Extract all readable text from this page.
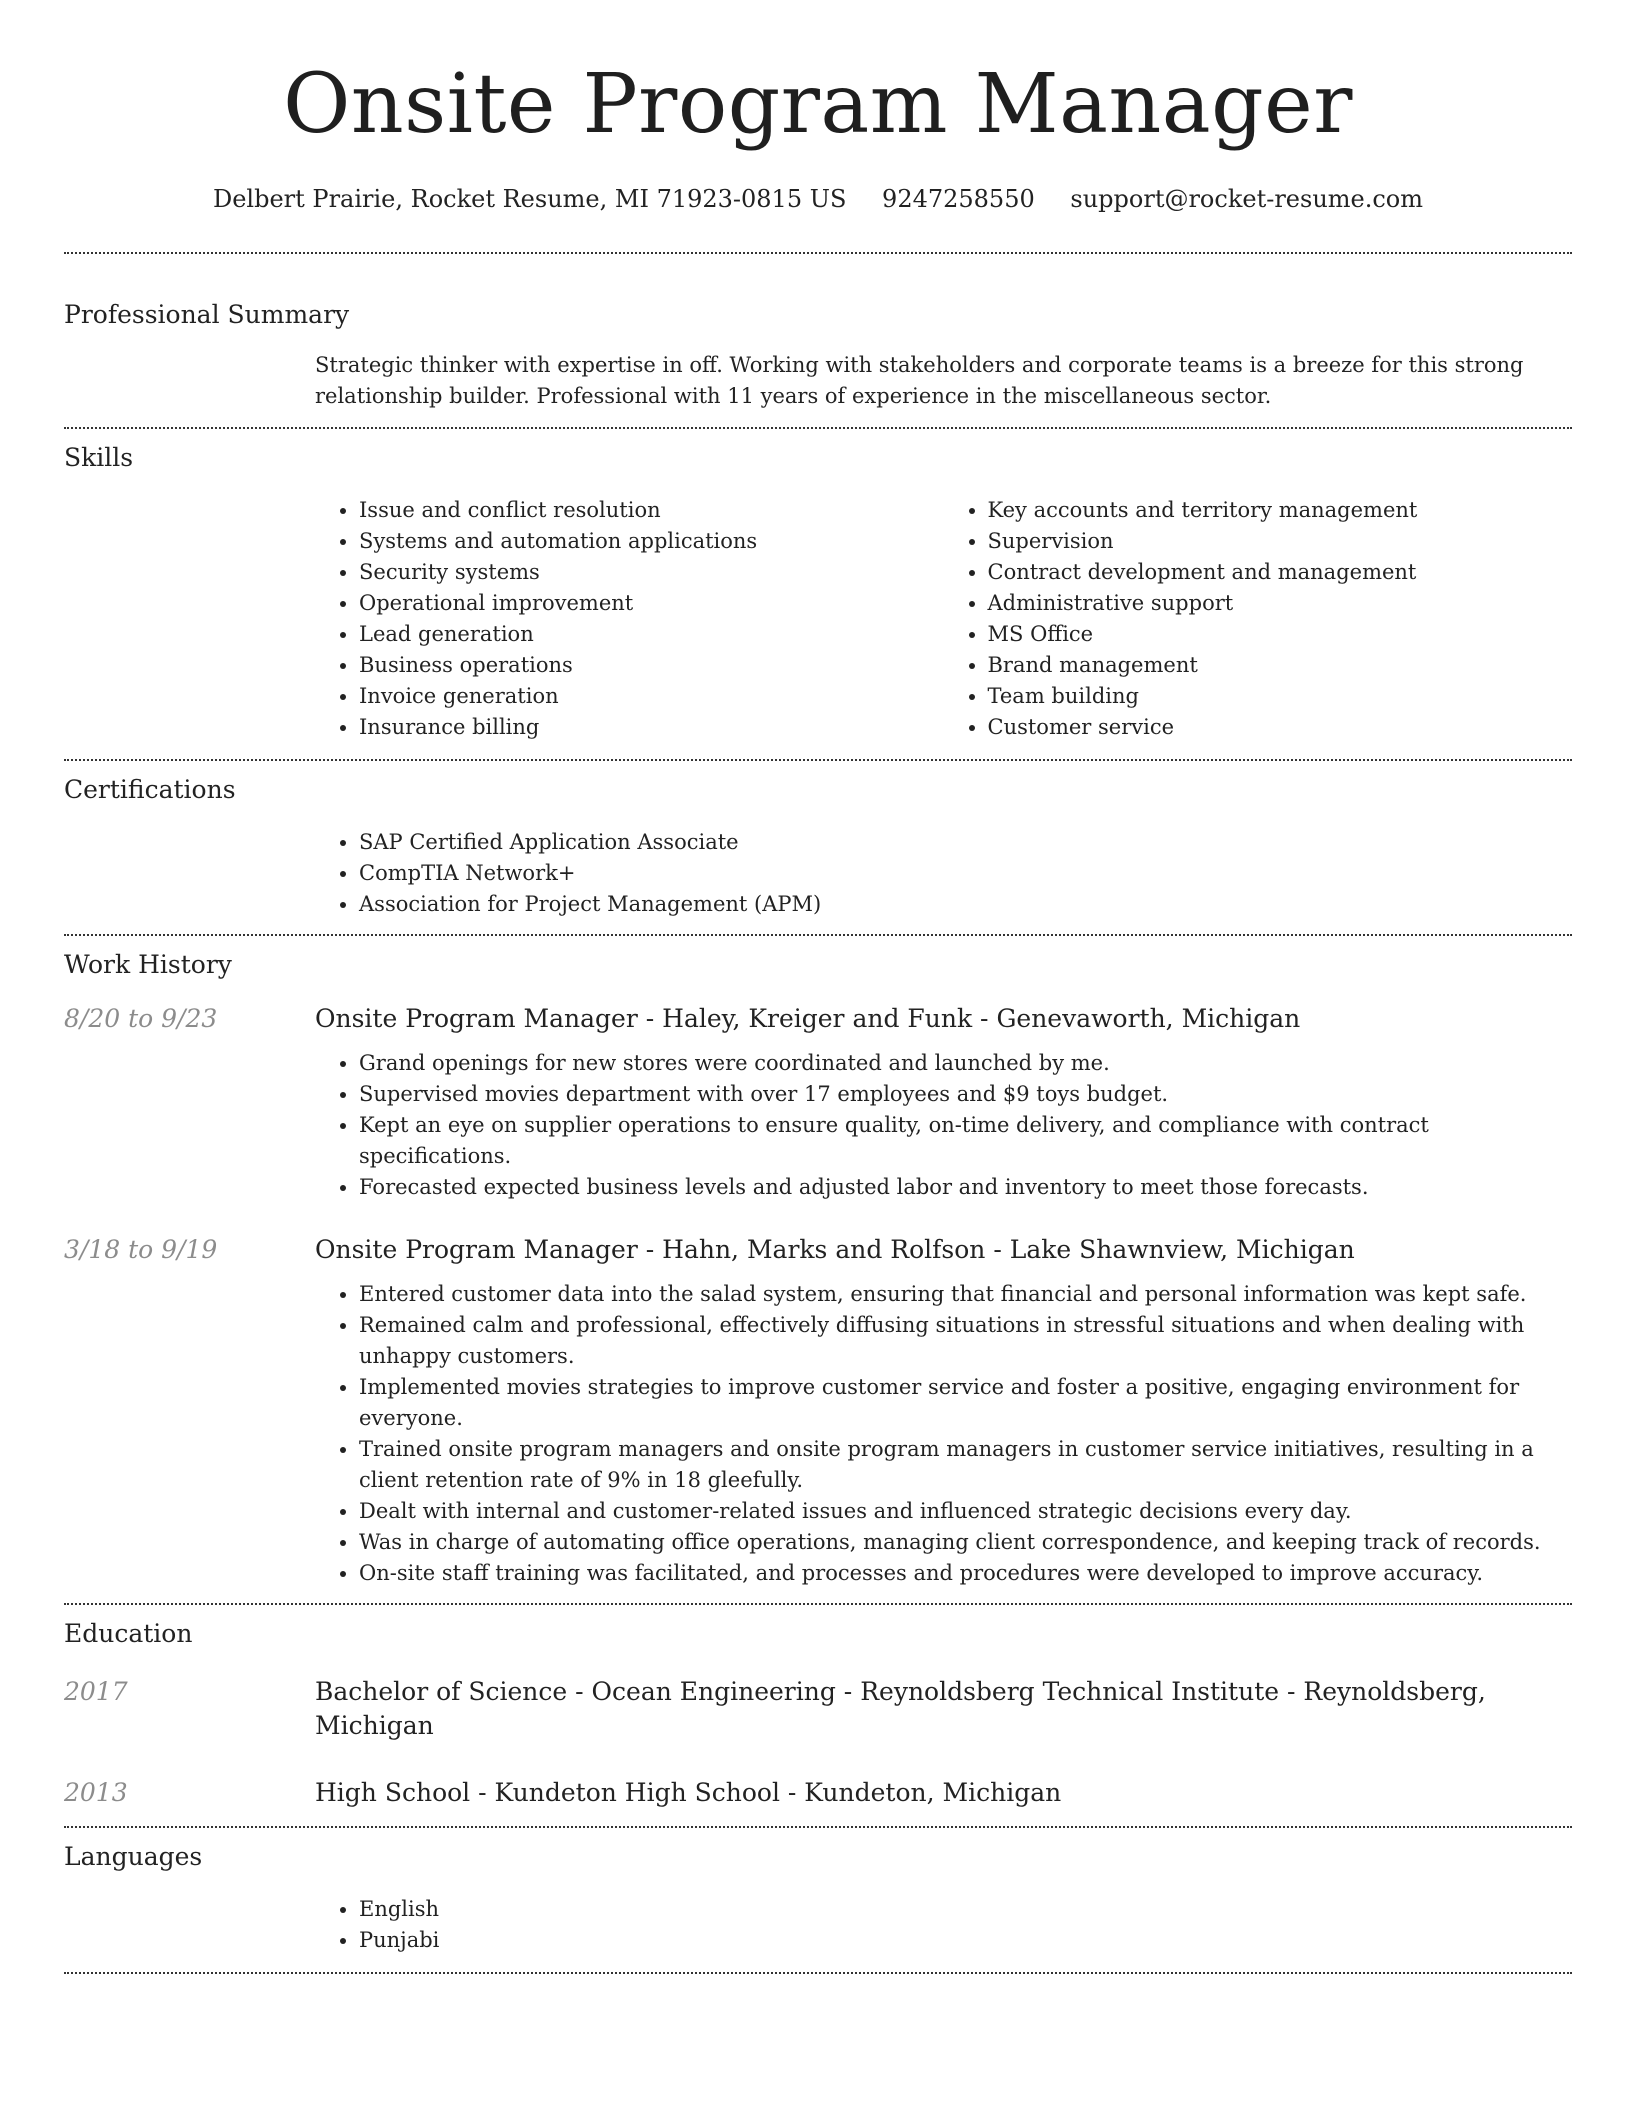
Onsite Program Manager
Delbert Prairie, Rocket Resume, MI 71923-0815 US 9247258550 support@rocket-resume.com
Professional Summary

Strategic thinker with expertise in off. Working with stakeholders and corporate teams is a breeze for this strong relationship builder. Professional with 11 years of experience in the miscellaneous sector.

Skills
• Issue and conflict resolution
• Systems and automation applications
• Security systems
• Operational improvement
• Lead generation
• Business operations
• Invoice generation
• Insurance billing
• Key accounts and territory management
• Supervision
• Contract development and management
• Administrative support
• MS Office
• Brand management
• Team building
• Customer service
Certifications
• SAP Certified Application Associate
• CompTIA Network+
• Association for Project Management (APM)
Work History
8/20 to 9/23	Onsite Program Manager - Haley, Kreiger and Funk - Genevaworth, Michigan
• Grand openings for new stores were coordinated and launched by me.
• Supervised movies department with over 17 employees and $9 toys budget.
• Kept an eye on supplier operations to ensure quality, on-time delivery, and compliance with contract specifications.
• Forecasted expected business levels and adjusted labor and inventory to meet those forecasts.
3/18 to 9/19	Onsite Program Manager - Hahn, Marks and Rolfson - Lake Shawnview, Michigan
• Entered customer data into the salad system, ensuring that financial and personal information was kept safe.
• Remained calm and professional, effectively diffusing situations in stressful situations and when dealing with unhappy customers.
• Implemented movies strategies to improve customer service and foster a positive, engaging environment for everyone.
• Trained onsite program managers and onsite program managers in customer service initiatives, resulting in a client retention rate of 9% in 18 gleefully.
• Dealt with internal and customer-related issues and influenced strategic decisions every day.
• Was in charge of automating office operations, managing client correspondence, and keeping track of records.
• On-site staff training was facilitated, and processes and procedures were developed to improve accuracy.
Education
2017	Bachelor of Science - Ocean Engineering - Reynoldsberg Technical Institute - Reynoldsberg, Michigan
2013	High School - Kundeton High School - Kundeton, Michigan
Languages
• English
• Punjabi
